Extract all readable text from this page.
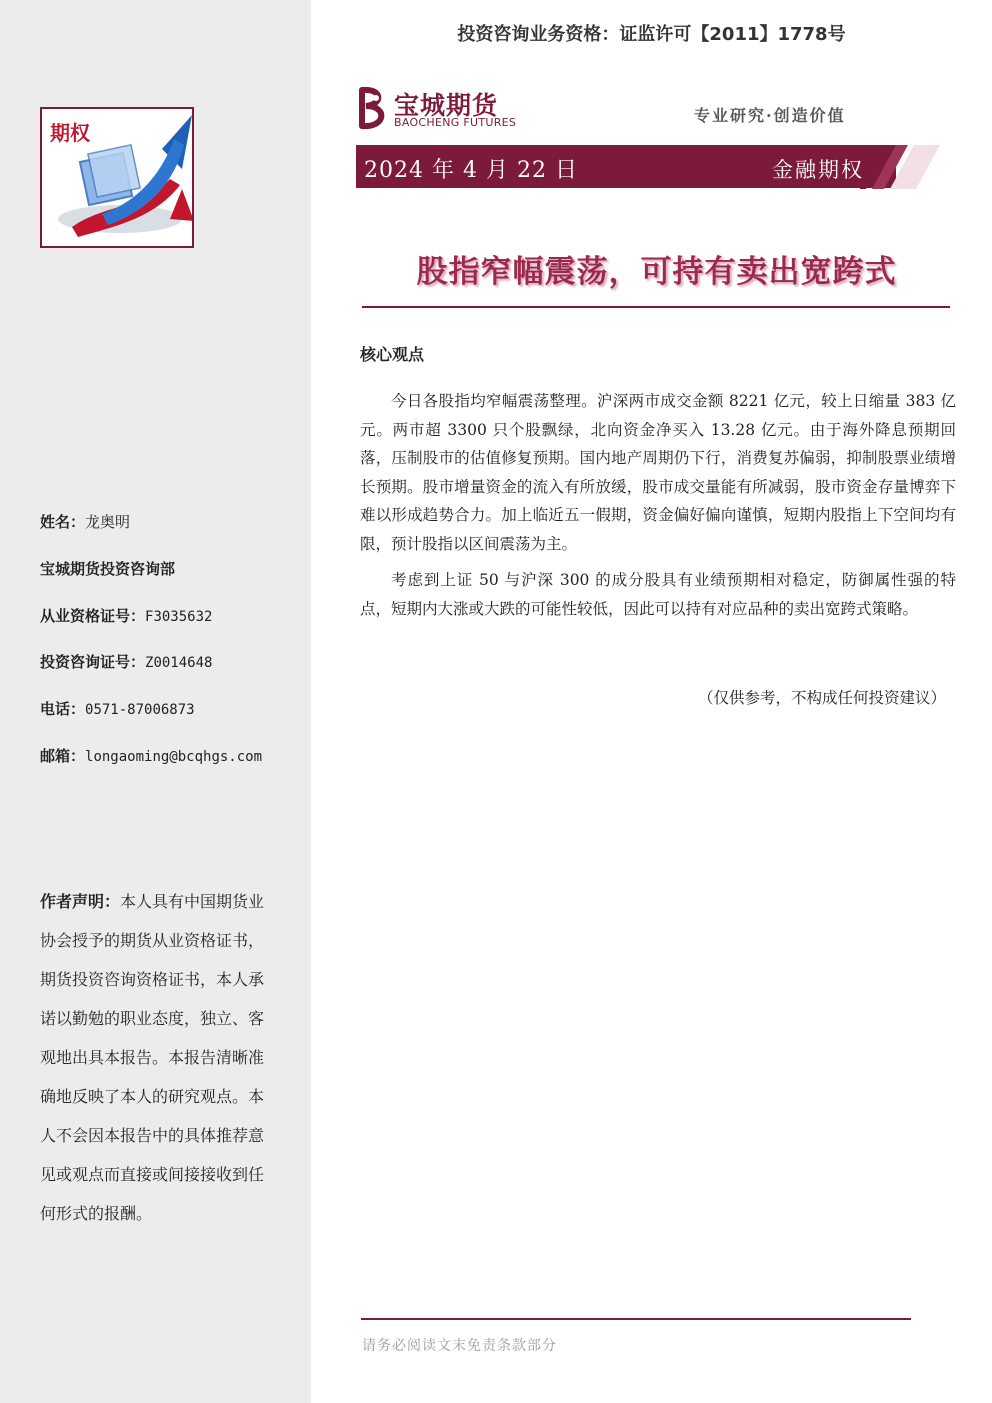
期权
姓名：龙奥明
宝城期货投资咨询部
从业资格证号：F3035632
投资咨询证号：Z0014648
电话：0571-87006873
邮箱：longaoming@bcqhgs.com
作者声明：本人具有中国期货业协会授予的期货从业资格证书，期货投资咨询资格证书，本人承诺以勤勉的职业态度，独立、客观地出具本报告。本报告清晰准确地反映了本人的研究观点。本人不会因本报告中的具体推荐意见或观点而直接或间接接收到任何形式的报酬。
投资咨询业务资格：证监许可【2011】1778号
宝城期货
BAOCHENG FUTURES	专业研究·创造价值
2024 年 4 月 22 日	金融期权
股指窄幅震荡，可持有卖出宽跨式
核心观点
今日各股指均窄幅震荡整理。沪深两市成交金额 8221 亿元，较上日缩量 383 亿元。两市超 3300 只个股飘绿，北向资金净买入 13.28 亿元。由于海外降息预期回落，压制股市的估值修复预期。国内地产周期仍下行，消费复苏偏弱，抑制股票业绩增长预期。股市增量资金的流入有所放缓，股市成交量能有所减弱，股市资金存量博弈下难以形成趋势合力。加上临近五一假期，资金偏好偏向谨慎，短期内股指上下空间均有限，预计股指以区间震荡为主。
考虑到上证 50 与沪深 300 的成分股具有业绩预期相对稳定，防御属性强的特点，短期内大涨或大跌的可能性较低，因此可以持有对应品种的卖出宽跨式策略。
（仅供参考，不构成任何投资建议）
请务必阅读文末免责条款部分
